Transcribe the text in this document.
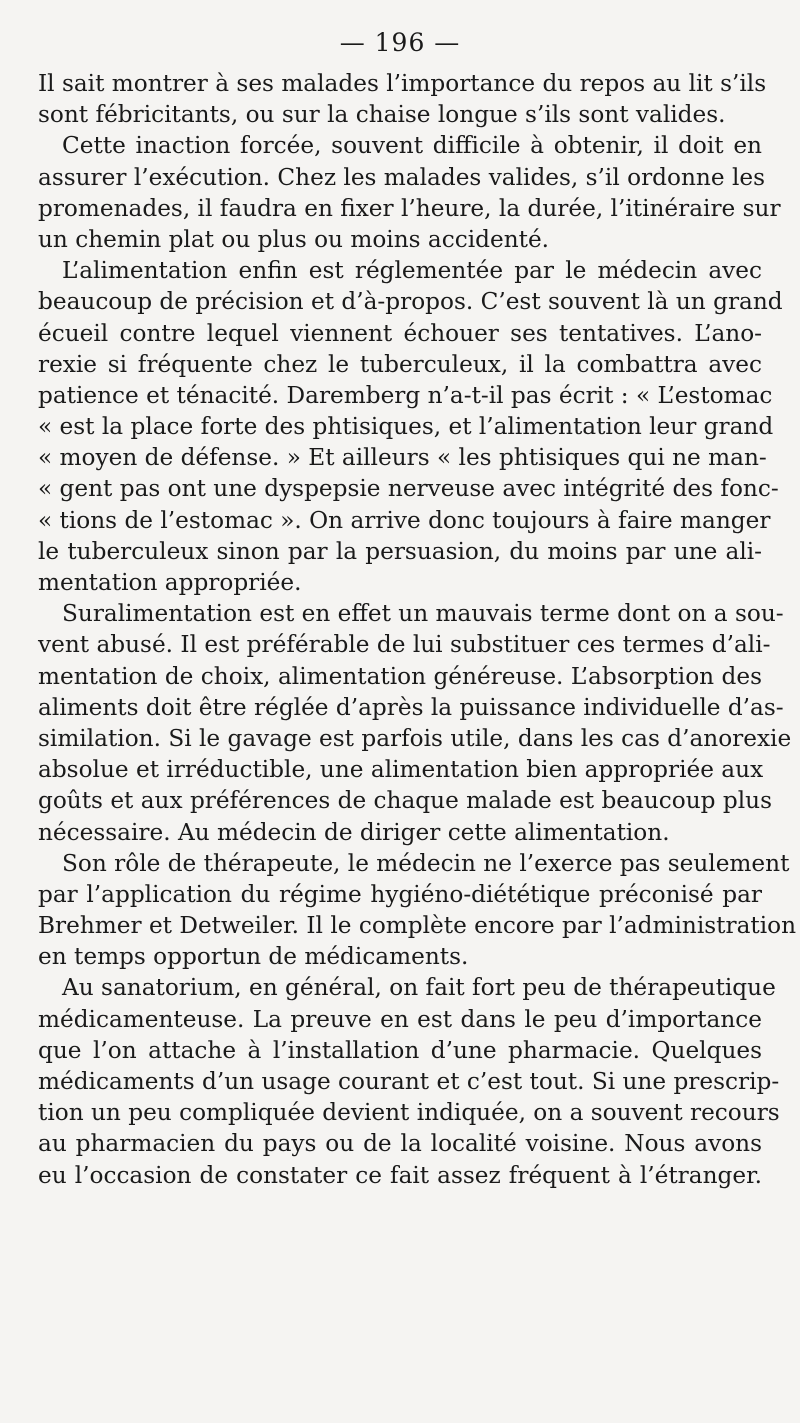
— 196 —
Il sait montrer à ses malades l’importance du repos au lit s’ils
sont fébricitants, ou sur la chaise longue s’ils sont valides.
Cette inaction forcée, souvent difficile à obtenir, il doit en
assurer l’exécution. Chez les malades valides, s’il ordonne les
promenades, il faudra en fixer l’heure, la durée, l’itinéraire sur
un chemin plat ou plus ou moins accidenté.
L’alimentation enfin est réglementée par le médecin avec
beaucoup de précision et d’à-propos. C’est souvent là un grand
écueil contre lequel viennent échouer ses tentatives. L’ano-
rexie si fréquente chez le tuberculeux, il la combattra avec
patience et ténacité. Daremberg n’a-t-il pas écrit : « L’estomac
« est la place forte des phtisiques, et l’alimentation leur grand
« moyen de défense. » Et ailleurs « les phtisiques qui ne man-
« gent pas ont une dyspepsie nerveuse avec intégrité des fonc-
« tions de l’estomac ». On arrive donc toujours à faire manger
le tuberculeux sinon par la persuasion, du moins par une ali-
mentation appropriée.
Suralimentation est en effet un mauvais terme dont on a sou-
vent abusé. Il est préférable de lui substituer ces termes d’ali-
mentation de choix, alimentation généreuse. L’absorption des
aliments doit être réglée d’après la puissance individuelle d’as-
similation. Si le gavage est parfois utile, dans les cas d’anorexie
absolue et irréductible, une alimentation bien appropriée aux
goûts et aux préférences de chaque malade est beaucoup plus
nécessaire. Au médecin de diriger cette alimentation.
Son rôle de thérapeute, le médecin ne l’exerce pas seulement
par l’application du régime hygiéno-diététique préconisé par
Brehmer et Detweiler. Il le complète encore par l’administration
en temps opportun de médicaments.
Au sanatorium, en général, on fait fort peu de thérapeutique
médicamenteuse. La preuve en est dans le peu d’importance
que l’on attache à l’installation d’une pharmacie. Quelques
médicaments d’un usage courant et c’est tout. Si une prescrip-
tion un peu compliquée devient indiquée, on a souvent recours
au pharmacien du pays ou de la localité voisine. Nous avons
eu l’occasion de constater ce fait assez fréquent à l’étranger.
